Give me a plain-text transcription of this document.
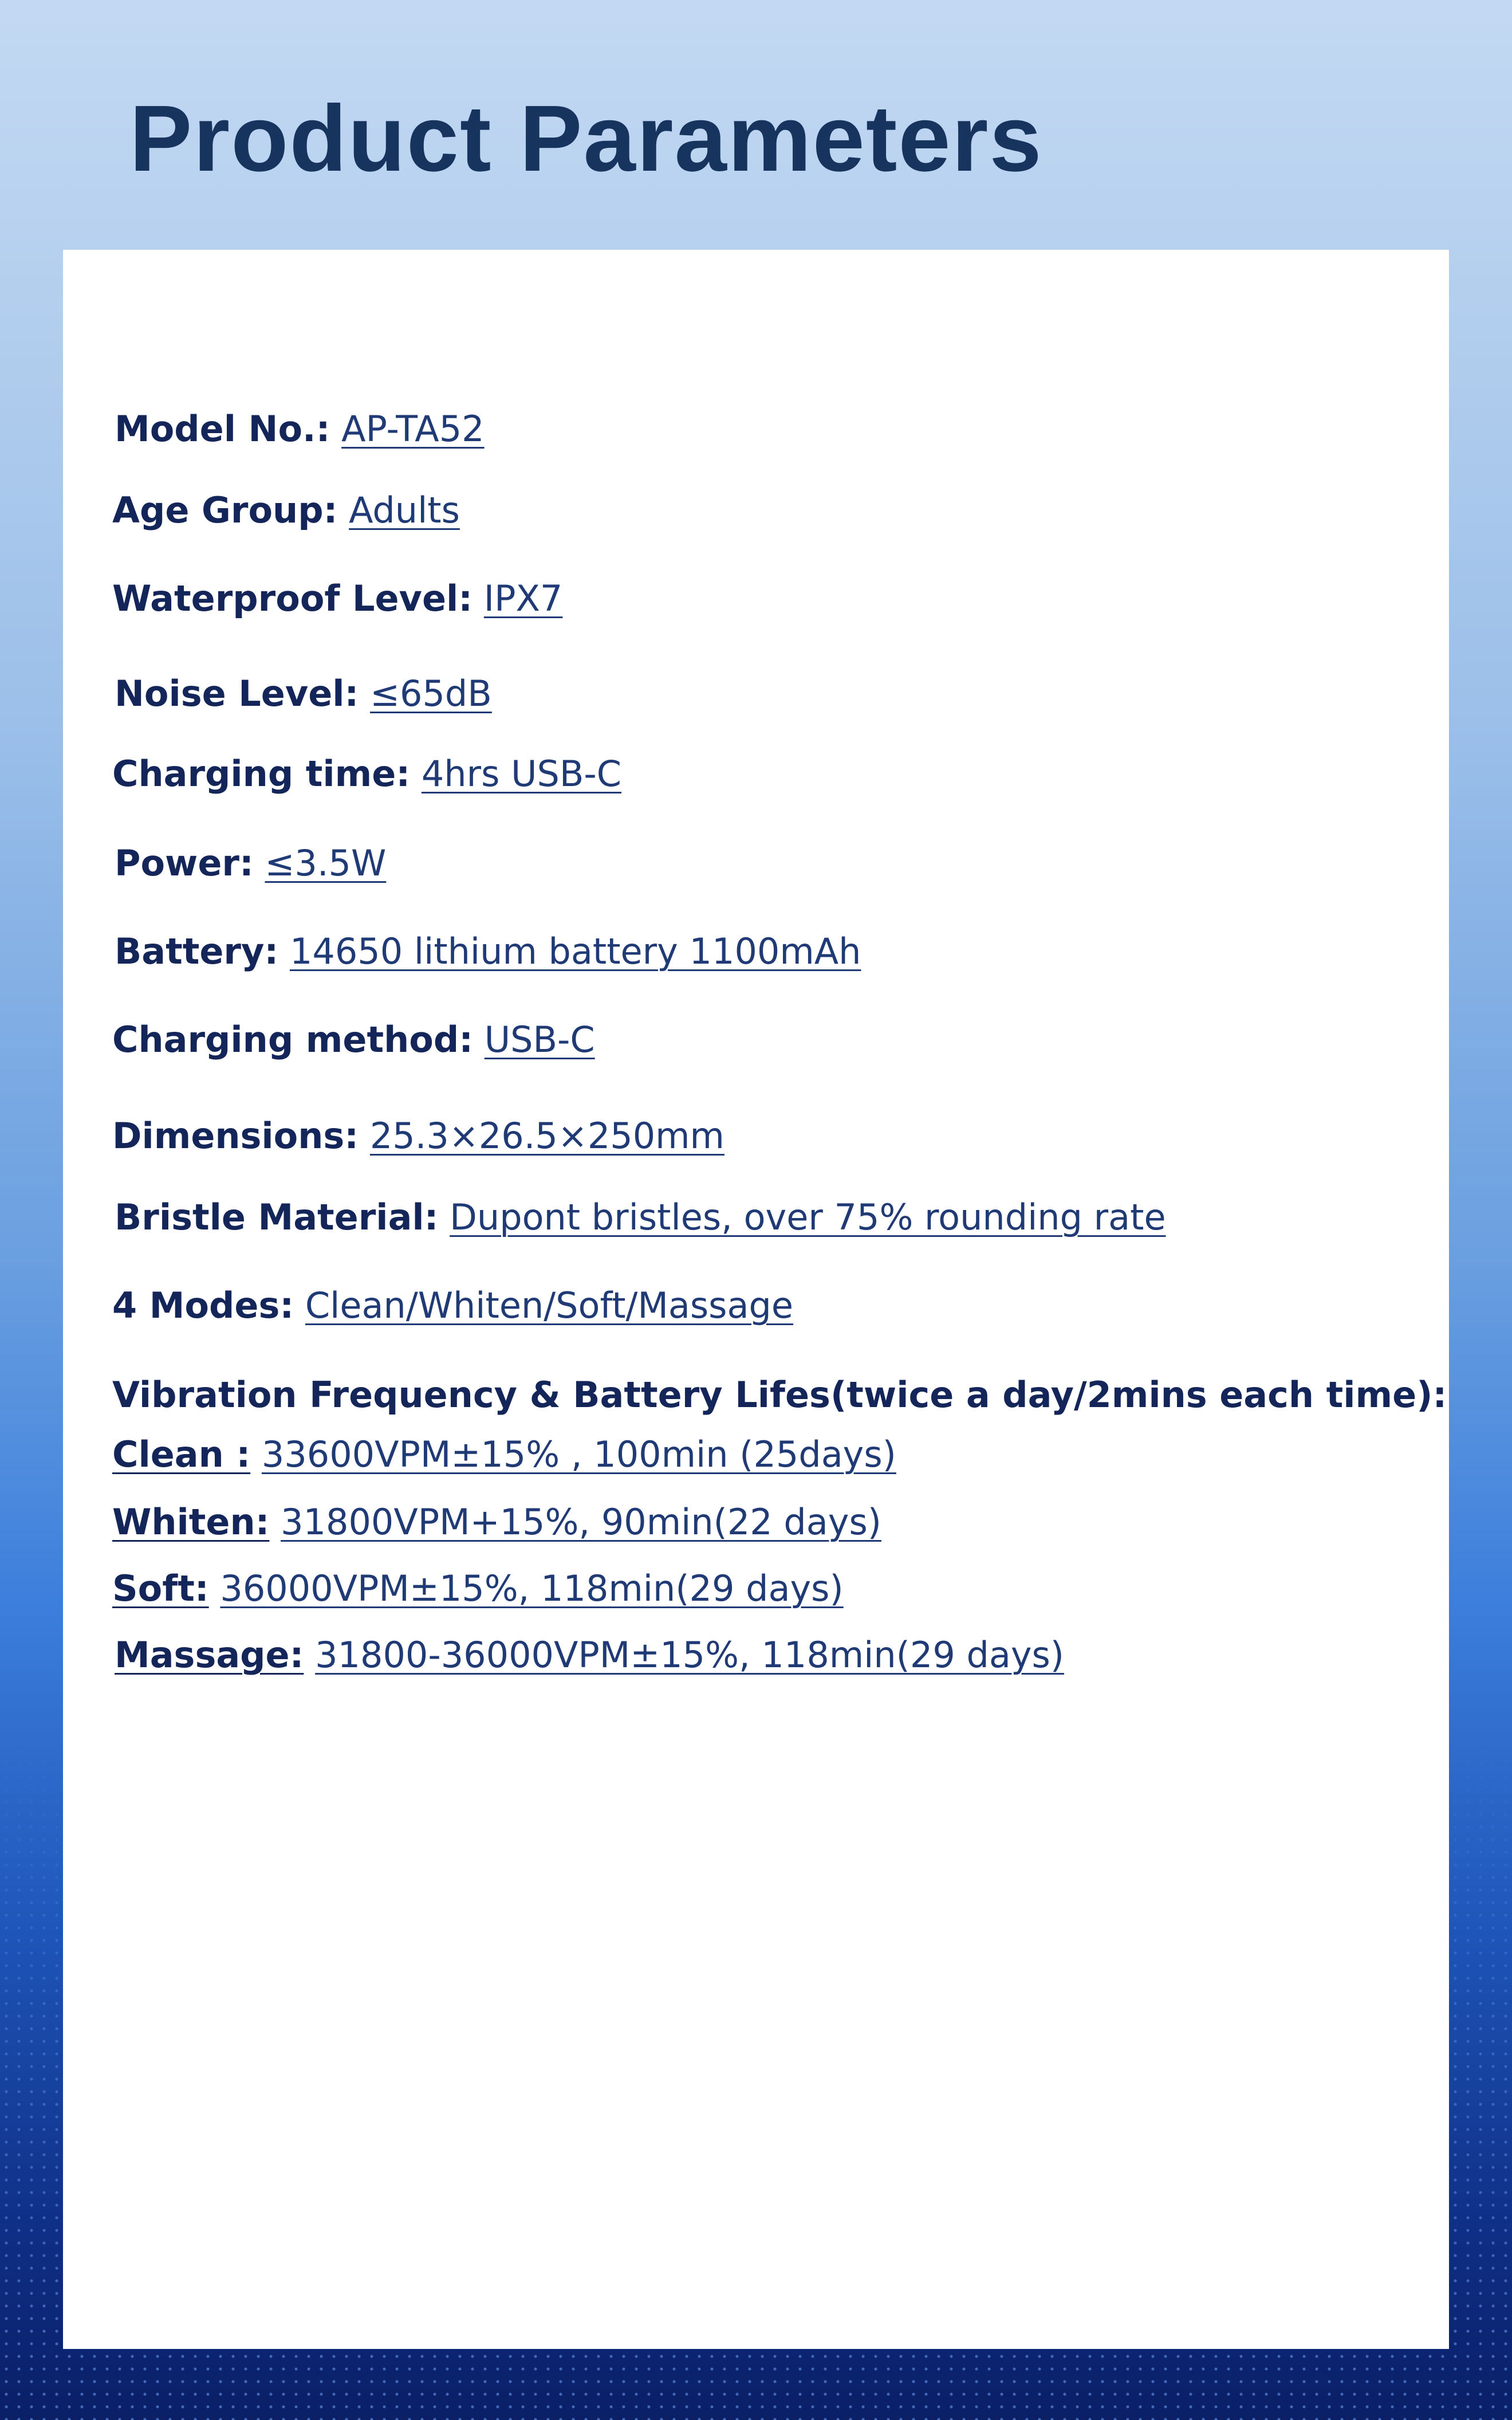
Product Parameters
Model No.: AP-TA52
Age Group: Adults
Waterproof Level: IPX7
Noise Level: ≤65dB
Charging time: 4hrs USB-C
Power: ≤3.5W
Battery: 14650 lithium battery 1100mAh
Charging method: USB-C
Dimensions: 25.3×26.5×250mm
Bristle Material: Dupont bristles, over 75% rounding rate
4 Modes: Clean/Whiten/Soft/Massage
Vibration Frequency & Battery Lifes(twice a day/2mins each time):
Clean : 33600VPM±15% , 100min (25days)
Whiten: 31800VPM+15%, 90min(22 days)
Soft: 36000VPM±15%, 118min(29 days)
Massage: 31800-36000VPM±15%, 118min(29 days)
